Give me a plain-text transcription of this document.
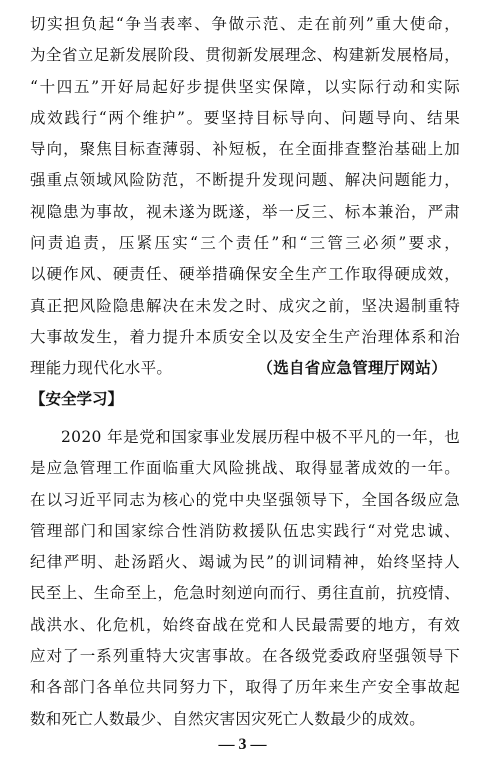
切实担负起“争当表率、争做示范、走在前列”重大使命，
为全省立足新发展阶段、贯彻新发展理念、构建新发展格局，
“十四五”开好局起好步提供坚实保障，以实际行动和实际
成效践行“两个维护”。要坚持目标导向、问题导向、结果
导向，聚焦目标查薄弱、补短板，在全面排查整治基础上加
强重点领域风险防范，不断提升发现问题、解决问题能力，
视隐患为事故，视未遂为既遂，举一反三、标本兼治，严肃
问责追责，压紧压实“三个责任”和“三管三必须”要求，
以硬作风、硬责任、硬举措确保安全生产工作取得硬成效，
真正把风险隐患解决在未发之时、成灾之前，坚决遏制重特
大事故发生，着力提升本质安全以及安全生产治理体系和治
理能力现代化水平。	（选自省应急管理厅网站）
【安全学习】
2020 年是党和国家事业发展历程中极不平凡的一年，也
是应急管理工作面临重大风险挑战、取得显著成效的一年。
在以习近平同志为核心的党中央坚强领导下，全国各级应急
管理部门和国家综合性消防救援队伍忠实践行“对党忠诚、
纪律严明、赴汤蹈火、竭诚为民”的训词精神，始终坚持人
民至上、生命至上，危急时刻逆向而行、勇往直前，抗疫情、
战洪水、化危机，始终奋战在党和人民最需要的地方，有效
应对了一系列重特大灾害事故。在各级党委政府坚强领导下
和各部门各单位共同努力下，取得了历年来生产安全事故起
数和死亡人数最少、自然灾害因灾死亡人数最少的成效。
— 3 —
